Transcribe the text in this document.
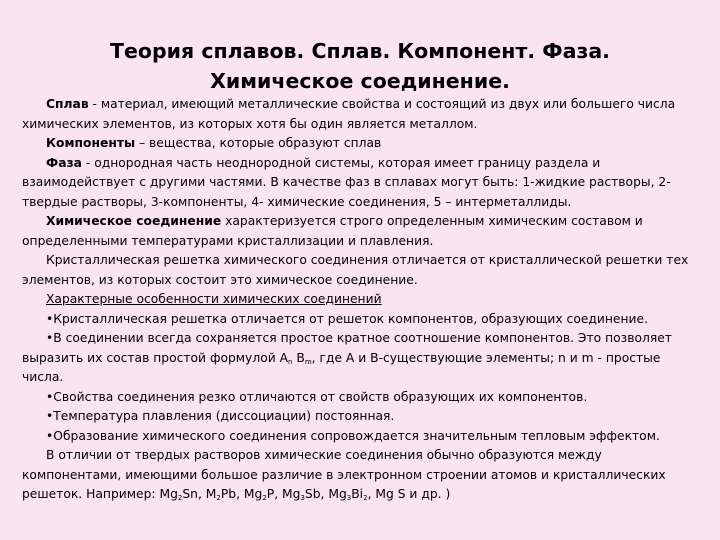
Теория сплавов. Сплав. Компонент. Фаза.
Химическое соединение.

Сплав - материал, имеющий металлические свойства и состоящий из двух или большего числа химических элементов, из которых хотя бы один является металлом.

Компоненты – вещества, которые образуют сплав

Фаза - однородная часть неоднородной системы, которая имеет границу раздела и взаимодействует с другими частями. В качестве фаз в сплавах могут быть: 1-жидкие растворы, 2-твердые растворы, 3-компоненты, 4- химические соединения, 5 – интерметаллиды.

Химическое соединение характеризуется строго определенным химическим составом и определенными температурами кристаллизации и плавления.

Кристаллическая решетка химического соединения отличается от кристаллической решетки тех элементов, из которых состоит это химическое соединение.

Характерные особенности химических соединений

•Кристаллическая решетка отличается от решеток компонентов, образующих соединение.

•В соединении всегда сохраняется простое кратное соотношение компонентов. Это позволяет выразить их состав простой формулой $А_n$ $В_m$, где А и В-существующие элементы; n и m - простые числа.

•Свойства соединения резко отличаются от свойств образующих их компонентов.

•Температура плавления (диссоциации) постоянная.

•Образование химического соединения сопровождается значительным тепловым эффектом.

В отличии от твердых растворов химические соединения обычно образуются между компонентами, имеющими большое различие в электронном строении атомов и кристаллических решеток. Например: $Mg_2Sn$, $M_2Pb$, $Mg_2P$, $Mg_3Sb$, $Mg_3Bi_2$, Mg S и др. )
